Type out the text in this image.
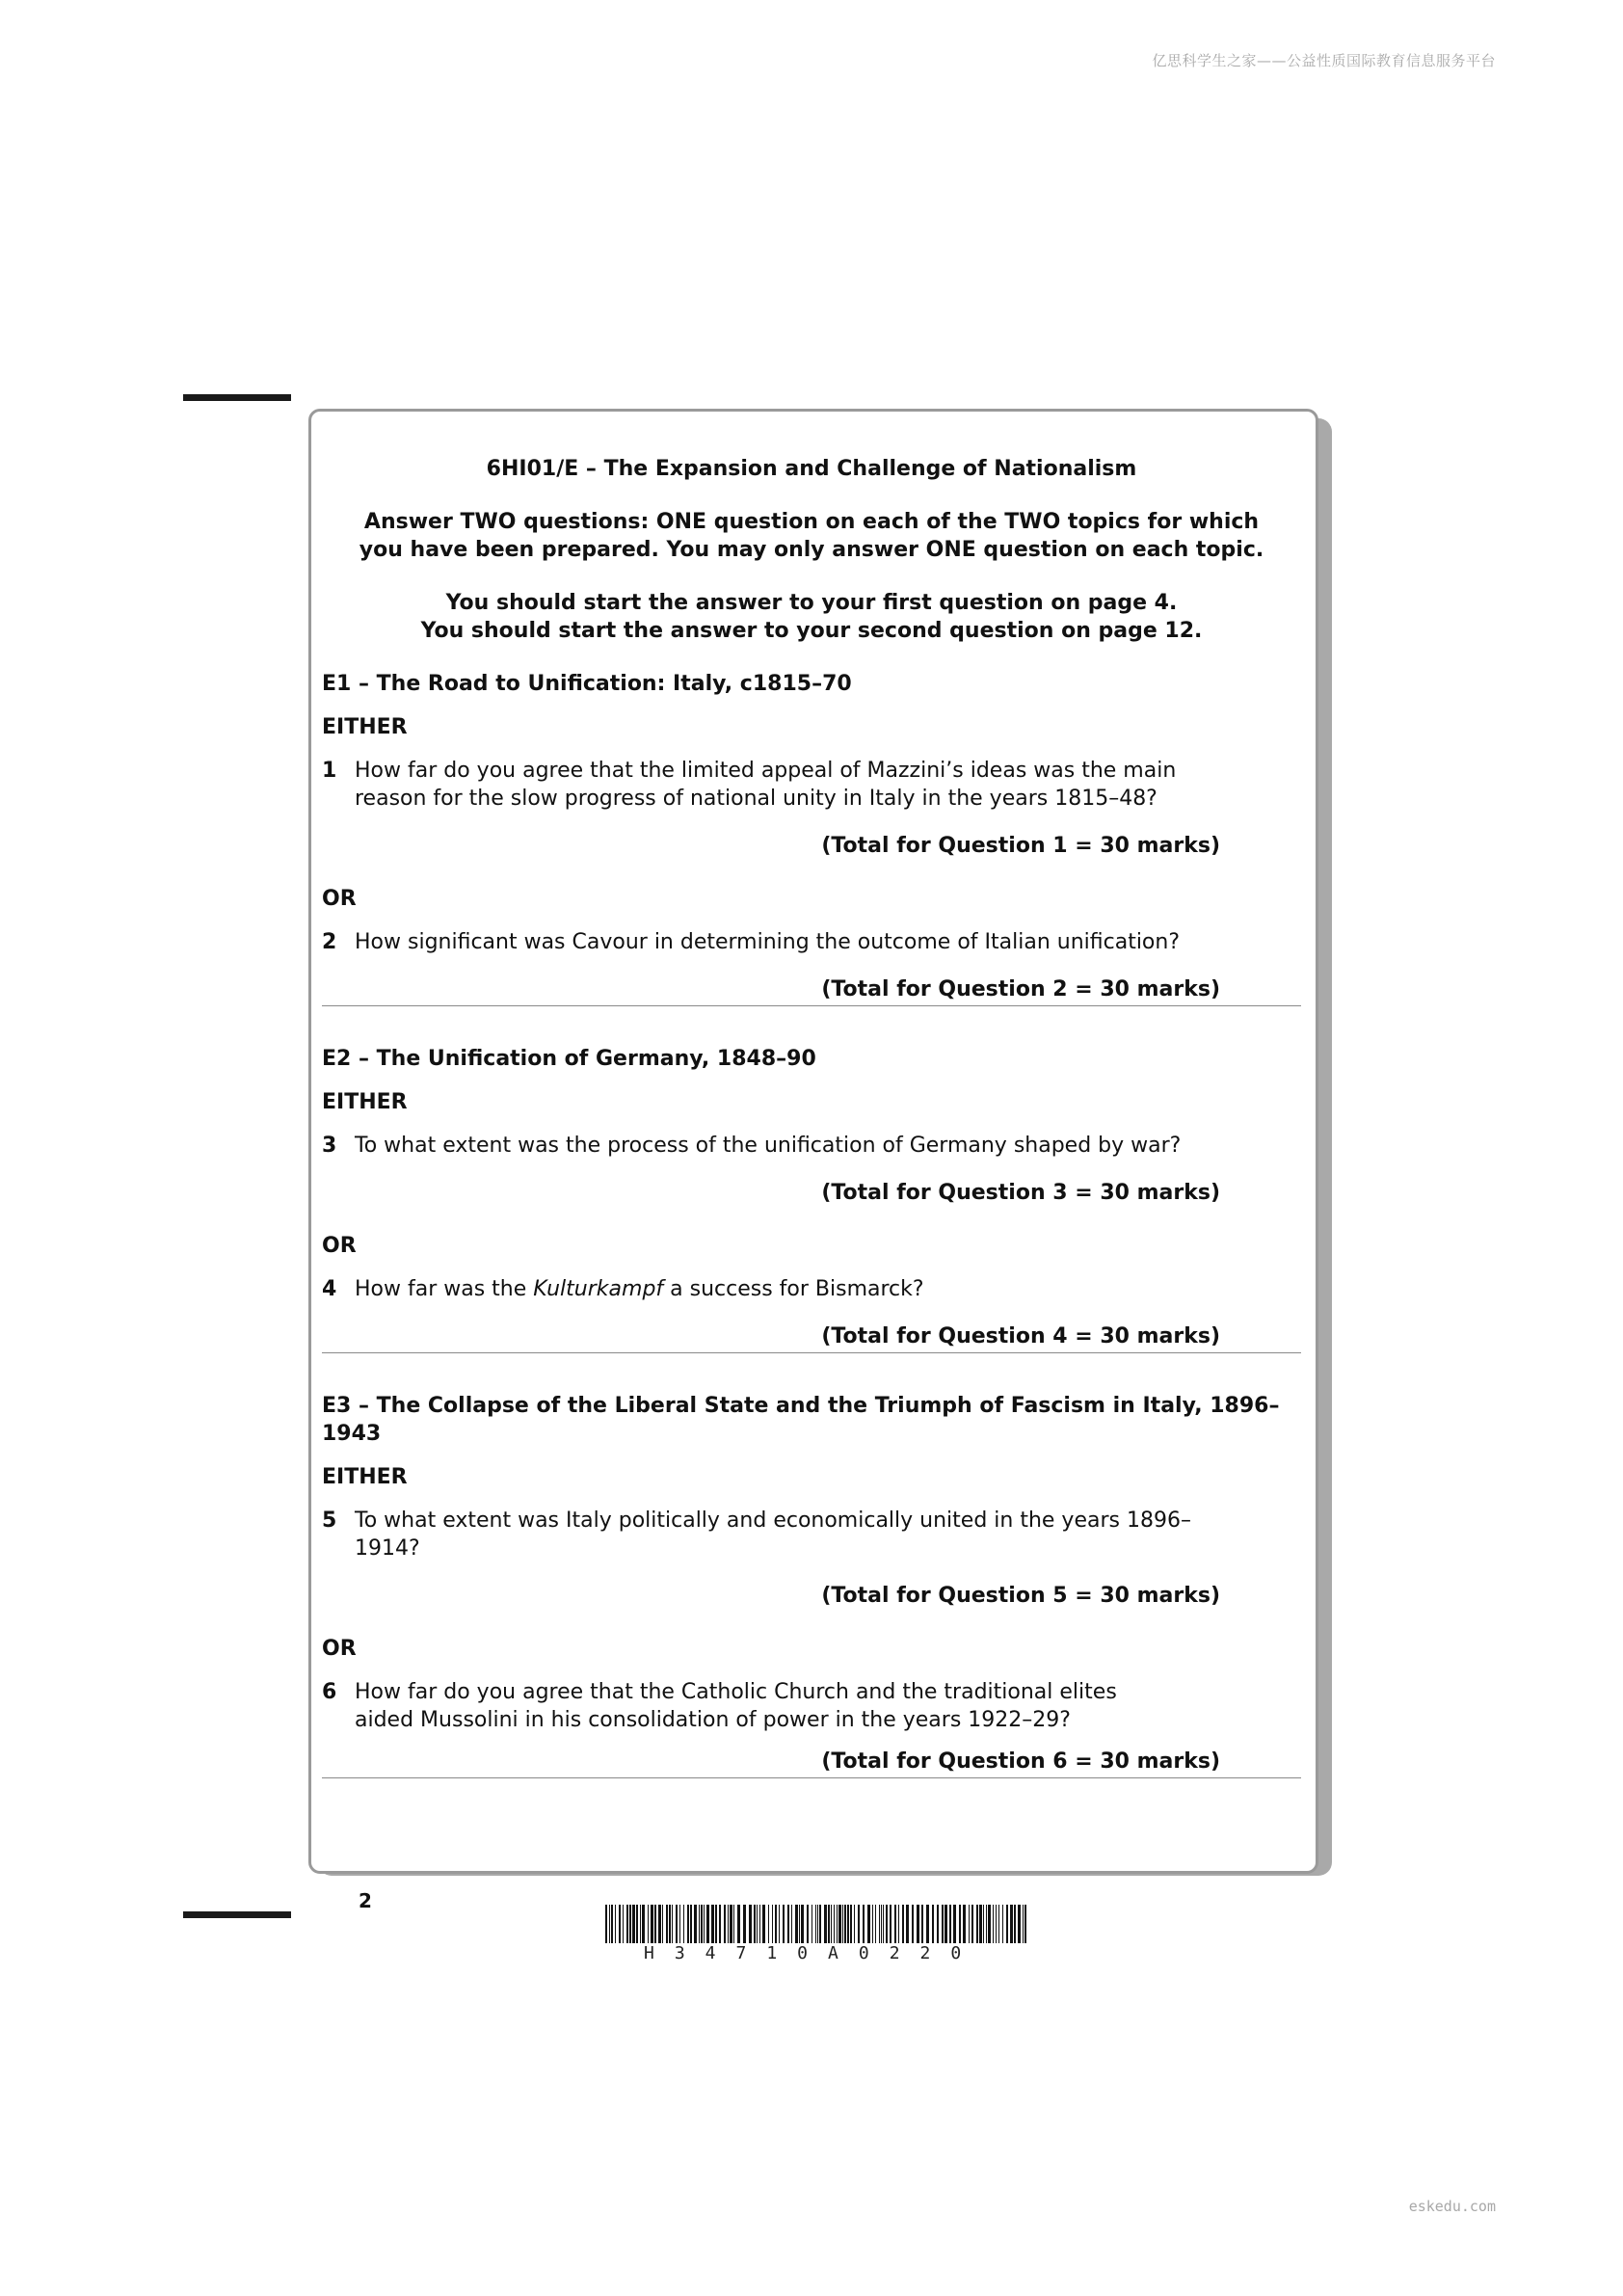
亿思科学生之家——公益性质国际教育信息服务平台
6HI01/E – The Expansion and Challenge of Nationalism
Answer TWO questions: ONE question on each of the TWO topics for which you have been prepared. You may only answer ONE question on each topic.
You should start the answer to your first question on page 4.
You should start the answer to your second question on page 12.
E1 – The Road to Unification: Italy, c1815–70
EITHER
1 How far do you agree that the limited appeal of Mazzini’s ideas was the main reason for the slow progress of national unity in Italy in the years 1815–48?
(Total for Question 1 = 30 marks)
OR
2 How significant was Cavour in determining the outcome of Italian unification?
(Total for Question 2 = 30 marks)
E2 – The Unification of Germany, 1848–90
EITHER
3 To what extent was the process of the unification of Germany shaped by war?
(Total for Question 3 = 30 marks)
OR
4 How far was the Kulturkampf a success for Bismarck?
(Total for Question 4 = 30 marks)
E3 – The Collapse of the Liberal State and the Triumph of Fascism in Italy, 1896–1943
EITHER
5 To what extent was Italy politically and economically united in the years 1896–1914?
(Total for Question 5 = 30 marks)
OR
6 How far do you agree that the Catholic Church and the traditional elites aided Mussolini in his consolidation of power in the years 1922–29?
(Total for Question 6 = 30 marks)
2
H34710A0220
eskedu.com
